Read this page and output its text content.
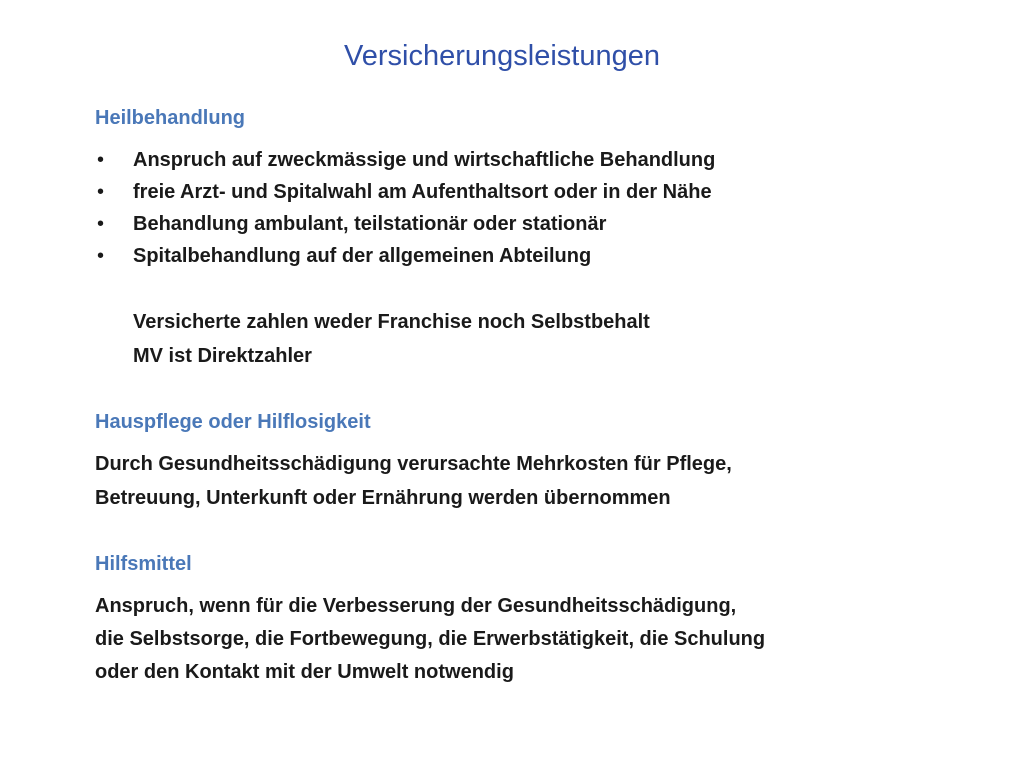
Versicherungsleistungen
Heilbehandlung
• Anspruch auf zweckmässige und wirtschaftliche Behandlung
• freie Arzt- und Spitalwahl am Aufenthaltsort oder in der Nähe
• Behandlung ambulant, teilstationär oder stationär
• Spitalbehandlung auf der allgemeinen Abteilung

Versicherte zahlen weder Franchise noch Selbstbehalt

MV ist Direktzahler

Hauspflege oder Hilflosigkeit

Durch Gesundheitsschädigung verursachte Mehrkosten für Pflege,

Betreuung, Unterkunft oder Ernährung werden übernommen

Hilfsmittel

Anspruch, wenn für die Verbesserung der Gesundheitsschädigung,

die Selbstsorge, die Fortbewegung, die Erwerbstätigkeit, die Schulung

oder den Kontakt mit der Umwelt notwendig
